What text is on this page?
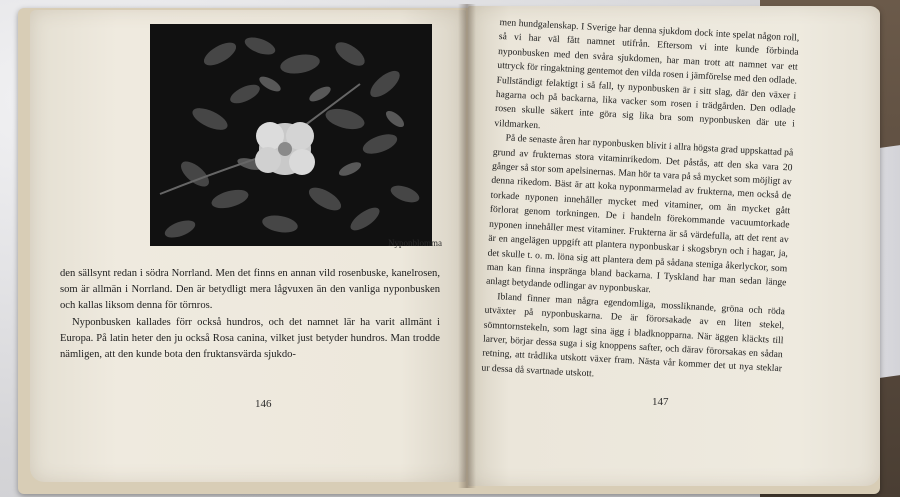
Nyponblomma

den sällsynt redan i södra Norrland. Men det finns en annan vild rosenbuske, kanelrosen, som är allmän i Norrland. Den är betydligt mera lågvuxen än den vanliga nyponbusken och kallas liksom denna för törnros.

Nyponbusken kallades förr också hundros, och det namnet lär ha varit allmänt i Europa. På latin heter den ju också Rosa canina, vilket just betyder hundros. Man trodde nämligen, att den kunde bota den fruktansvärda sjukdo-

146

men hundgalenskap. I Sverige har denna sjukdom dock inte spelat någon roll, så vi har väl fått namnet utifrån. Eftersom vi inte kunde förbinda nyponbusken med den svåra sjukdomen, har man trott att namnet var ett uttryck för ringaktning gentemot den vilda rosen i jämförelse med den odlade. Fullständigt felaktigt i så fall, ty nyponbusken är i sitt slag, där den växer i hagarna och på backarna, lika vacker som rosen i trädgården. Den odlade rosen skulle säkert inte göra sig lika bra som nyponbusken där ute i vildmarken.

På de senaste åren har nyponbusken blivit i allra högsta grad uppskattad på grund av frukternas stora vitaminrikedom. Det påstås, att den ska vara 20 gånger så stor som apelsinernas. Man hör ta vara på så mycket som möjligt av denna rikedom. Bäst är att koka nyponmarmelad av frukterna, men också de torkade nyponen innehåller mycket med vitaminer, om än mycket gått förlorat genom torkningen. De i handeln förekommande vacuumtorkade nyponen innehåller mest vitaminer. Frukterna är så värdefulla, att det rent av är en angelägen uppgift att plantera nyponbuskar i skogsbryn och i hagar, ja, det skulle t. o. m. löna sig att plantera dem på sådana steniga åkerlyckor, som man kan finna inspränga bland backarna. I Tyskland har man sedan länge anlagt betydande odlingar av nyponbuskar.

Ibland finner man några egendomliga, mossliknande, gröna och röda utväxter på nyponbuskarna. De är förorsakade av en liten stekel, sömntornstekeln, som lagt sina ägg i bladknopparna. När äggen kläckts till larver, börjar dessa suga i sig knoppens safter, och därav förorsakas en sådan retning, att trådlika utskott växer fram. Nästa vår kommer det ut nya steklar ur dessa då svartnade utskott.

147
